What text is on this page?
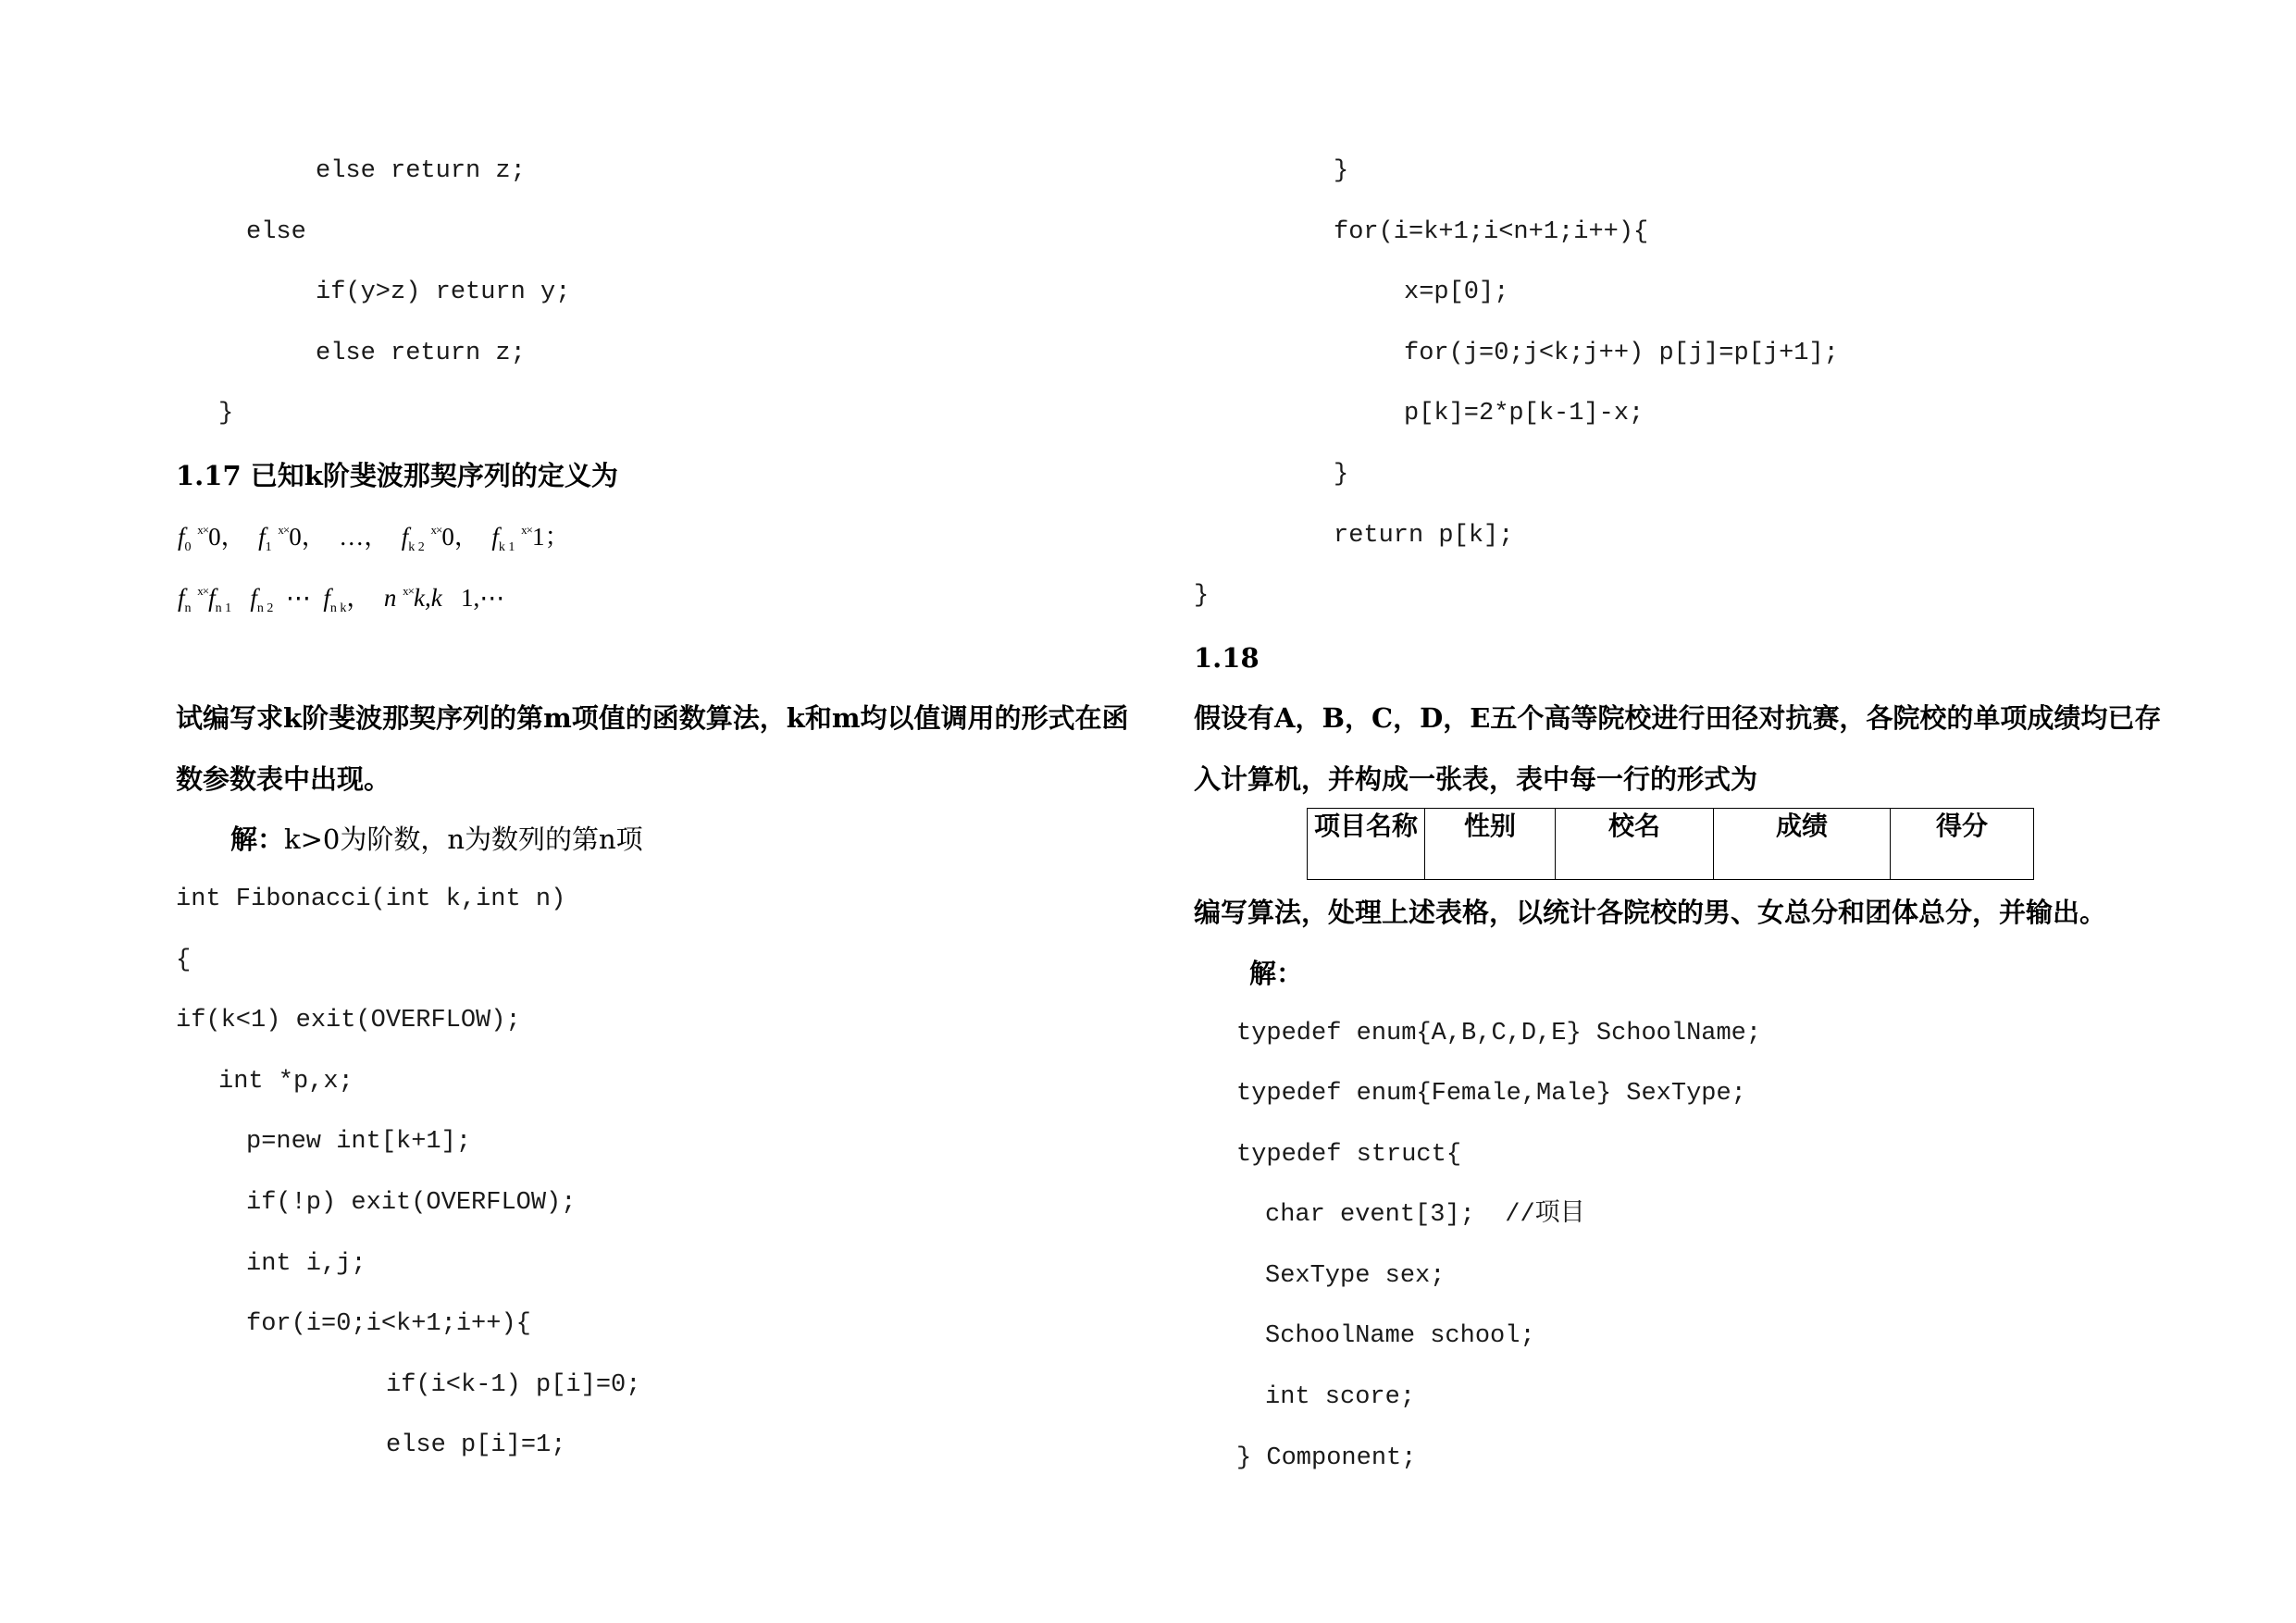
else return z;
else
if(y>z) return y;
else return z;
}
1.17 已知k阶斐波那契序列的定义为
$f_0$ $^{x\times}$0， $f_1$ $^{x\times}$0， …， $f_{k 2}$ $^{x\times}$0， $f_{k 1}$ $^{x\times}$1；
$f_n$ $^{x\times}f_{n 1}$ $f_{n 2}$ ⋯ $f_{n k}$，  n $^{x\times}$k,k 1,⋯
试编写求k阶斐波那契序列的第m项值的函数算法，k和m均以值调用的形式在函
数参数表中出现。
解： k>0为阶数，n为数列的第n项
int Fibonacci(int k,int n)
{
if(k<1) exit(OVERFLOW);
int *p,x;
p=new int[k+1];
if(!p) exit(OVERFLOW);
int i,j;
for(i=0;i<k+1;i++){
if(i<k-1) p[i]=0;
else p[i]=1;
}
for(i=k+1;i<n+1;i++){
x=p[0];
for(j=0;j<k;j++) p[j]=p[j+1];
p[k]=2*p[k-1]-x;
}
return p[k];
}
1.18
假设有A，B，C，D，E五个高等院校进行田径对抗赛，各院校的单项成绩均已存
入计算机，并构成一张表，表中每一行的形式为
项目名称	性别	校名	成绩	得分
编写算法，处理上述表格，以统计各院校的男、女总分和团体总分，并输出。
解：
typedef enum{A,B,C,D,E} SchoolName;
typedef enum{Female,Male} SexType;
typedef struct{
char event[3];  //项目
SexType sex;
SchoolName school;
int score;
} Component;
